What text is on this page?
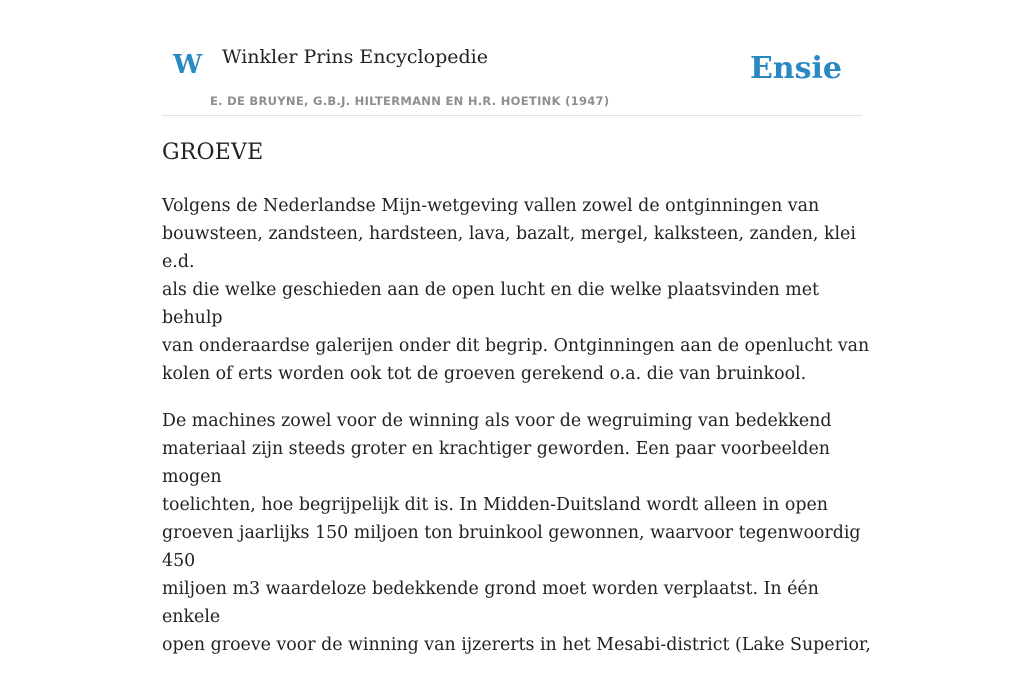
W Winkler Prins Encyclopedie
E. DE BRUYNE, G.B.J. HILTERMANN EN H.R. HOETINK (1947)
Ensie
GROEVE

Volgens de Nederlandse Mijn-wetgeving vallen zowel de ontginningen van
bouwsteen, zandsteen, hardsteen, lava, bazalt, mergel, kalksteen, zanden, klei e.d.
als die welke geschieden aan de open lucht en die welke plaatsvinden met behulp
van onderaardse galerijen onder dit begrip. Ontginningen aan de openlucht van
kolen of erts worden ook tot de groeven gerekend o.a. die van bruinkool.

De machines zowel voor de winning als voor de wegruiming van bedekkend
materiaal zijn steeds groter en krachtiger geworden. Een paar voorbeelden mogen
toelichten, hoe begrijpelijk dit is. In Midden-Duitsland wordt alleen in open
groeven jaarlijks 150 miljoen ton bruinkool gewonnen, waarvoor tegenwoordig 450
miljoen m3 waardeloze bedekkende grond moet worden verplaatst. In één enkele
open groeve voor de winning van ijzererts in het Mesabi-district (Lake Superior,
